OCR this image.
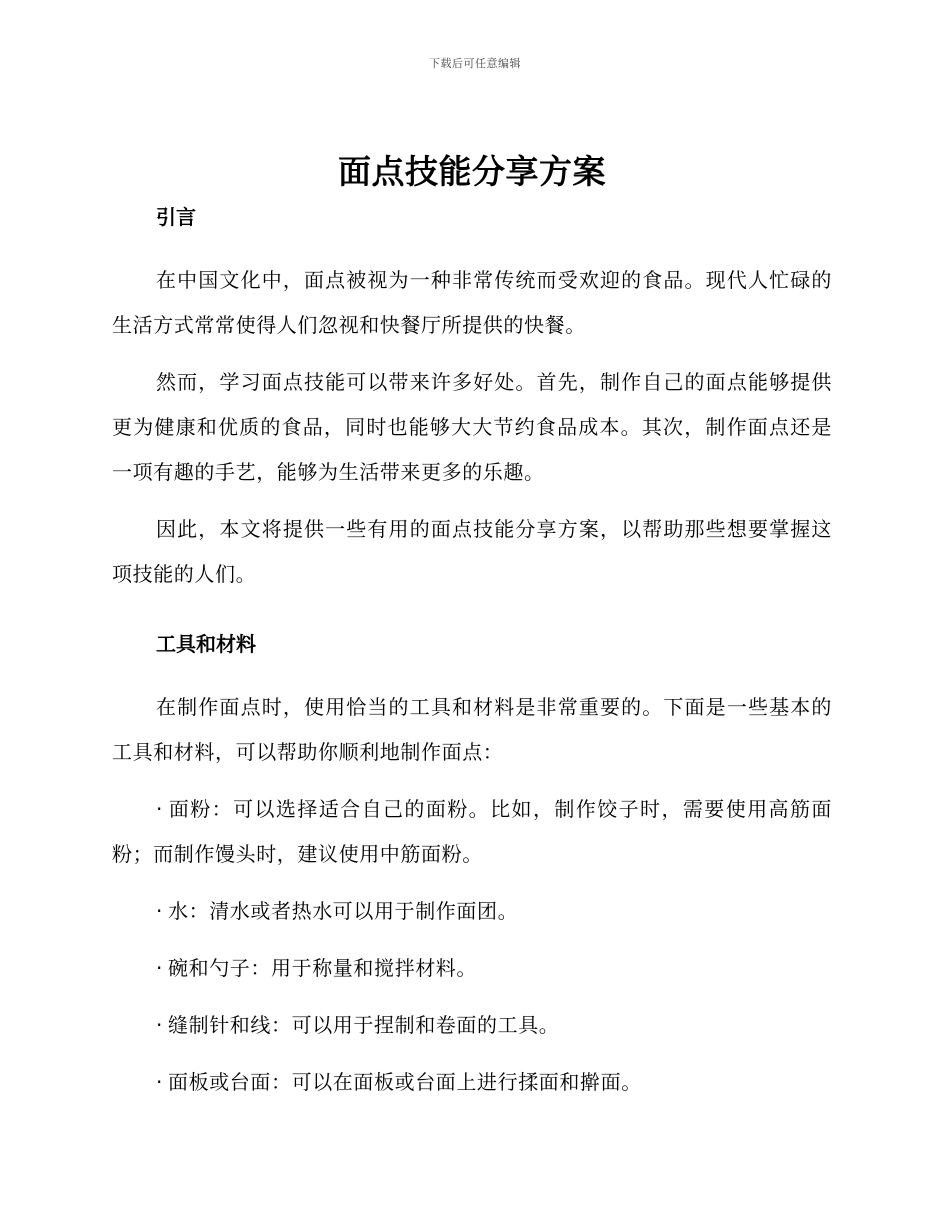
下载后可任意编辑
面点技能分享方案
引言

在中国文化中，面点被视为一种非常传统而受欢迎的食品。现代人忙碌的生活方式常常使得人们忽视和快餐厅所提供的快餐。

然而，学习面点技能可以带来许多好处。首先，制作自己的面点能够提供更为健康和优质的食品，同时也能够大大节约食品成本。其次，制作面点还是一项有趣的手艺，能够为生活带来更多的乐趣。

因此，本文将提供一些有用的面点技能分享方案，以帮助那些想要掌握这项技能的人们。

工具和材料

在制作面点时，使用恰当的工具和材料是非常重要的。下面是一些基本的工具和材料，可以帮助你顺利地制作面点：

· 面粉：可以选择适合自己的面粉。比如，制作饺子时，需要使用高筋面粉；而制作馒头时，建议使用中筋面粉。

· 水：清水或者热水可以用于制作面团。

· 碗和勺子：用于称量和搅拌材料。

· 缝制针和线：可以用于捏制和卷面的工具。

· 面板或台面：可以在面板或台面上进行揉面和擀面。
